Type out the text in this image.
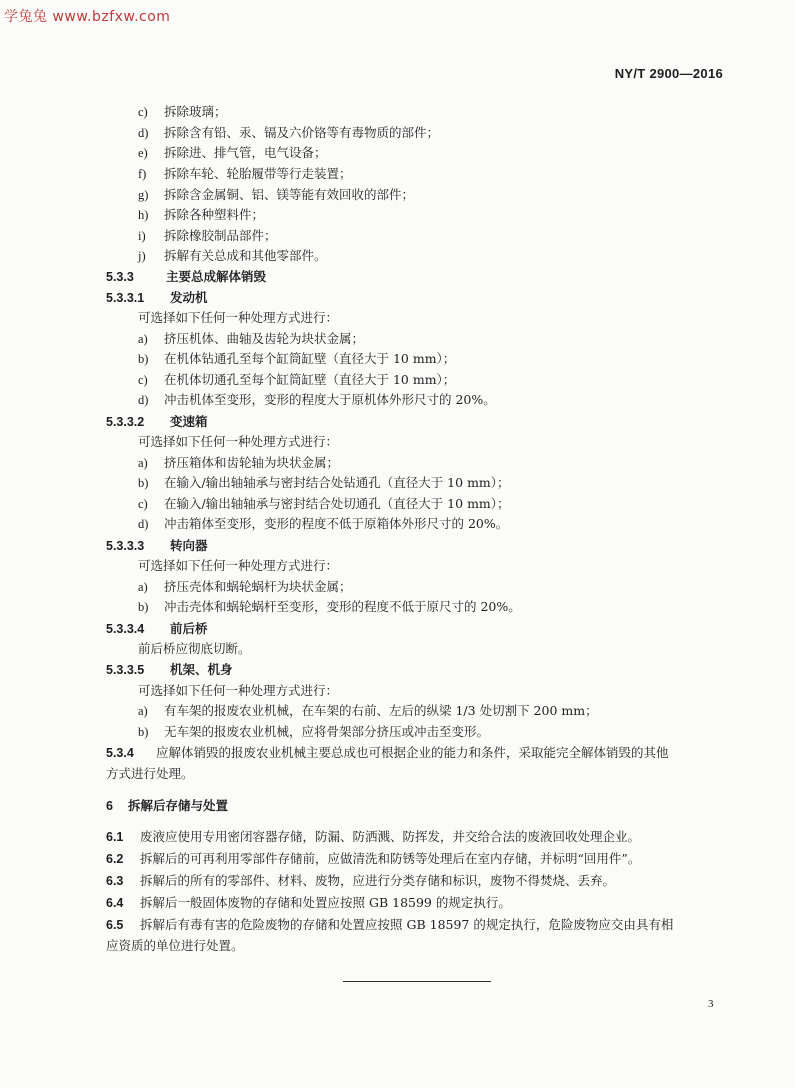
学兔兔 www.bzfxw.com
NY/T 2900—2016
c) 拆除玻璃；
d) 拆除含有铅、汞、镉及六价铬等有毒物质的部件；
e) 拆除进、排气管，电气设备；
f) 拆除车轮、轮胎履带等行走装置；
g) 拆除含金属铜、铝、镁等能有效回收的部件；
h) 拆除各种塑料件；
i) 拆除橡胶制品部件；
j) 拆解有关总成和其他零部件。
5.3.3	主要总成解体销毁
5.3.3.1 发动机
可选择如下任何一种处理方式进行：
a) 挤压机体、曲轴及齿轮为块状金属；
b) 在机体钻通孔至每个缸筒缸壁（直径大于 10 mm）；
c) 在机体切通孔至每个缸筒缸壁（直径大于 10 mm）；
d) 冲击机体至变形，变形的程度大于原机体外形尺寸的 20%。
5.3.3.2 变速箱
可选择如下任何一种处理方式进行：
a) 挤压箱体和齿轮轴为块状金属；
b) 在输入/输出轴轴承与密封结合处钻通孔（直径大于 10 mm）；
c) 在输入/输出轴轴承与密封结合处切通孔（直径大于 10 mm）；
d) 冲击箱体至变形，变形的程度不低于原箱体外形尺寸的 20%。
5.3.3.3 转向器
可选择如下任何一种处理方式进行：
a) 挤压壳体和蜗轮蜗杆为块状金属；
b) 冲击壳体和蜗轮蜗杆至变形，变形的程度不低于原尺寸的 20%。
5.3.3.4 前后桥
前后桥应彻底切断。
5.3.3.5 机架、机身
可选择如下任何一种处理方式进行：
a) 有车架的报废农业机械，在车架的右前、左后的纵梁 1/3 处切割下 200 mm；
b) 无车架的报废农业机械，应将骨架部分挤压或冲击至变形。
5.3.4 应解体销毁的报废农业机械主要总成也可根据企业的能力和条件，采取能完全解体销毁的其他
方式进行处理。
6 拆解后存储与处置
6.1 废液应使用专用密闭容器存储，防漏、防洒溅、防挥发，并交给合法的废液回收处理企业。
6.2 拆解后的可再利用零部件存储前，应做清洗和防锈等处理后在室内存储，并标明“回用件”。
6.3 拆解后的所有的零部件、材料、废物，应进行分类存储和标识，废物不得焚烧、丢弃。
6.4 拆解后一般固体废物的存储和处置应按照 GB 18599 的规定执行。
6.5 拆解后有毒有害的危险废物的存储和处置应按照 GB 18597 的规定执行，危险废物应交由具有相
应资质的单位进行处置。
3
